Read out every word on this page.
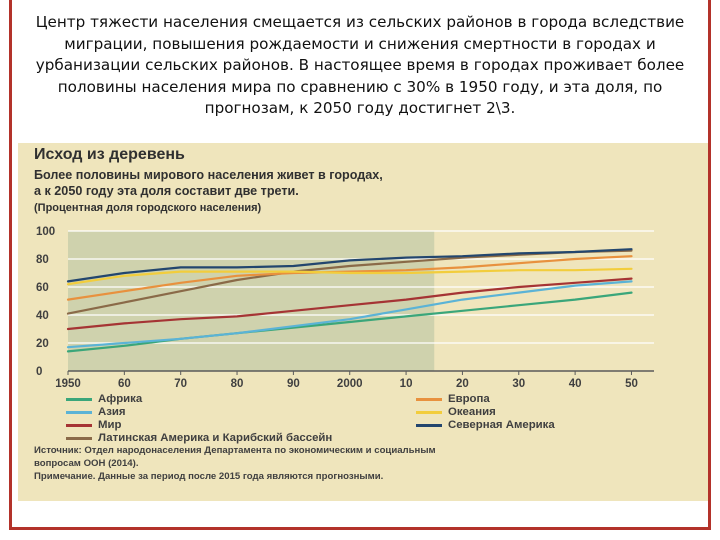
Центр тяжести населения смещается из сельских районов в города вследствие миграции, повышения рождаемости и снижения смертности в городах и урбанизации сельских районов. В настоящее время в городах проживает более половины населения мира по сравнению с 30% в 1950 году, и эта доля, по прогнозам, к 2050 году достигнет 2\3.
Исход из деревень
Более половины мирового населения живет в городах,
а к 2050 году эта доля составит две трети.
(Процентная доля городского населения)
0
20
40
60
80
100
1950	60	70	80	90	2000	10	20	30	40	50
Источник: Отдел народонаселения Департамента по экономическим и социальным
вопросам ООН (2014).
Примечание. Данные за период после 2015 года являются прогнозными.
Африка
Азия
Мир
Латинская Америка и Карибский бассейн
Европа
Океания
Северная Америка
